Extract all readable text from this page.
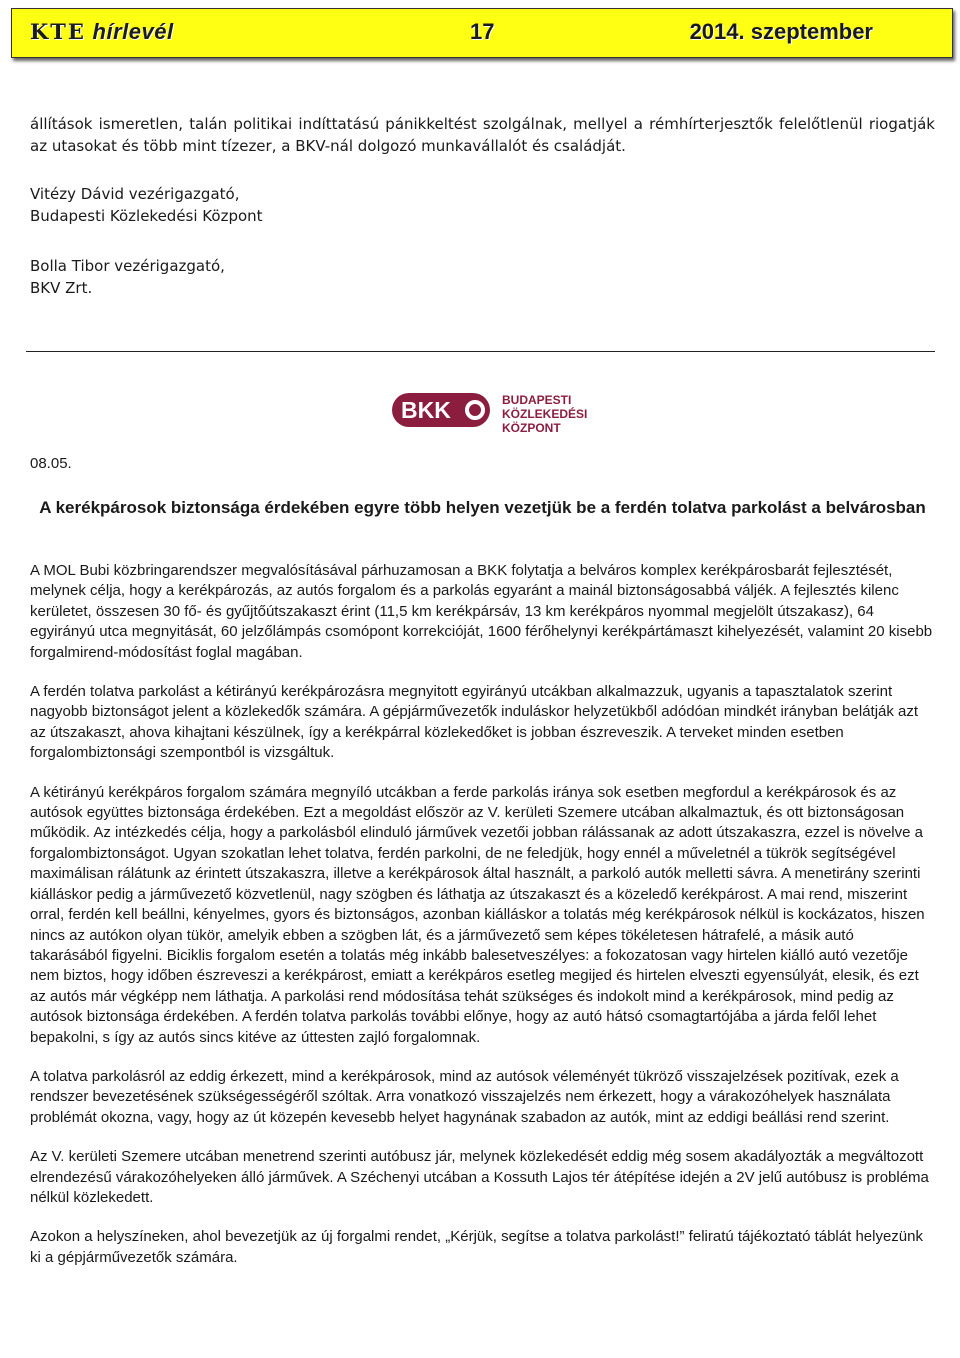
KTE hírlevél	17	2014. szeptember

állítások ismeretlen, talán politikai indíttatású pánikkeltést szolgálnak, mellyel a rémhírterjesztők felelőtlenül riogatják az utasokat és több mint tízezer, a BKV-nál dolgozó munkavállalót és családját.

Vitézy Dávid vezérigazgató,
Budapesti Közlekedési Központ
Bolla Tibor vezérigazgató,
BKV Zrt.
BKK	BUDAPESTI
KÖZLEKEDÉSI
KÖZPONT

08.05.

A kerékpárosok biztonsága érdekében egyre több helyen vezetjük be a ferdén tolatva parkolást a belvárosban

A MOL Bubi közbringarendszer megvalósításával párhuzamosan a BKK folytatja a belváros komplex kerékpárosbarát fejlesztését, melynek célja, hogy a kerékpározás, az autós forgalom és a parkolás egyaránt a mainál biztonságosabbá váljék. A fejlesztés kilenc kerületet, összesen 30 fő- és gyűjtőútszakaszt érint (11,5 km kerékpársáv, 13 km kerékpáros nyommal megjelölt útszakasz), 64 egyirányú utca megnyitását, 60 jelzőlámpás csomópont korrekcióját, 1600 férőhelynyi kerékpártámaszt kihelyezését, valamint 20 kisebb forgalmirend-módosítást foglal magában.

A ferdén tolatva parkolást a kétirányú kerékpározásra megnyitott egyirányú utcákban alkalmazzuk, ugyanis a tapasztalatok szerint nagyobb biztonságot jelent a közlekedők számára. A gépjárművezetők induláskor helyzetükből adódóan mindkét irányban belátják azt az útszakaszt, ahova kihajtani készülnek, így a kerékpárral közlekedőket is jobban észreveszik. A terveket minden esetben forgalombiztonsági szempontból is vizsgáltuk.

A kétirányú kerékpáros forgalom számára megnyíló utcákban a ferde parkolás iránya sok esetben megfordul a kerékpárosok és az autósok együttes biztonsága érdekében. Ezt a megoldást először az V. kerületi Szemere utcában alkalmaztuk, és ott biztonságosan működik. Az intézkedés célja, hogy a parkolásból elinduló járművek vezetői jobban rálássanak az adott útszakaszra, ezzel is növelve a forgalombiztonságot. Ugyan szokatlan lehet tolatva, ferdén parkolni, de ne feledjük, hogy ennél a műveletnél a tükrök segítségével maximálisan rálátunk az érintett útszakaszra, illetve a kerékpárosok által használt, a parkoló autók melletti sávra. A menetirány szerinti kiálláskor pedig a járművezető közvetlenül, nagy szögben és láthatja az útszakaszt és a közeledő kerékpárost. A mai rend, miszerint orral, ferdén kell beállni, kényelmes, gyors és biztonságos, azonban kiálláskor a tolatás még kerékpárosok nélkül is kockázatos, hiszen nincs az autókon olyan tükör, amelyik ebben a szögben lát, és a járművezető sem képes tökéletesen hátrafelé, a másik autó takarásából figyelni. Biciklis forgalom esetén a tolatás még inkább balesetveszélyes: a fokozatosan vagy hirtelen kiálló autó vezetője nem biztos, hogy időben észreveszi a kerékpárost, emiatt a kerékpáros esetleg megijed és hirtelen elveszti egyensúlyát, elesik, és ezt az autós már végképp nem láthatja. A parkolási rend módosítása tehát szükséges és indokolt mind a kerékpárosok, mind pedig az autósok biztonsága érdekében. A ferdén tolatva parkolás további előnye, hogy az autó hátsó csomagtartójába a járda felől lehet bepakolni, s így az autós sincs kitéve az úttesten zajló forgalomnak.

A tolatva parkolásról az eddig érkezett, mind a kerékpárosok, mind az autósok véleményét tükröző visszajelzések pozitívak, ezek a rendszer bevezetésének szükségességéről szóltak. Arra vonatkozó visszajelzés nem érkezett, hogy a várakozóhelyek használata problémát okozna, vagy, hogy az út közepén kevesebb helyet hagynának szabadon az autók, mint az eddigi beállási rend szerint.

Az V. kerületi Szemere utcában menetrend szerinti autóbusz jár, melynek közlekedését eddig még sosem akadályozták a megváltozott elrendezésű várakozóhelyeken álló járművek. A Széchenyi utcában a Kossuth Lajos tér átépítése idején a 2V jelű autóbusz is probléma nélkül közlekedett.

Azokon a helyszíneken, ahol bevezetjük az új forgalmi rendet, „Kérjük, segítse a tolatva parkolást!” feliratú tájékoztató táblát helyezünk ki a gépjárművezetők számára.
